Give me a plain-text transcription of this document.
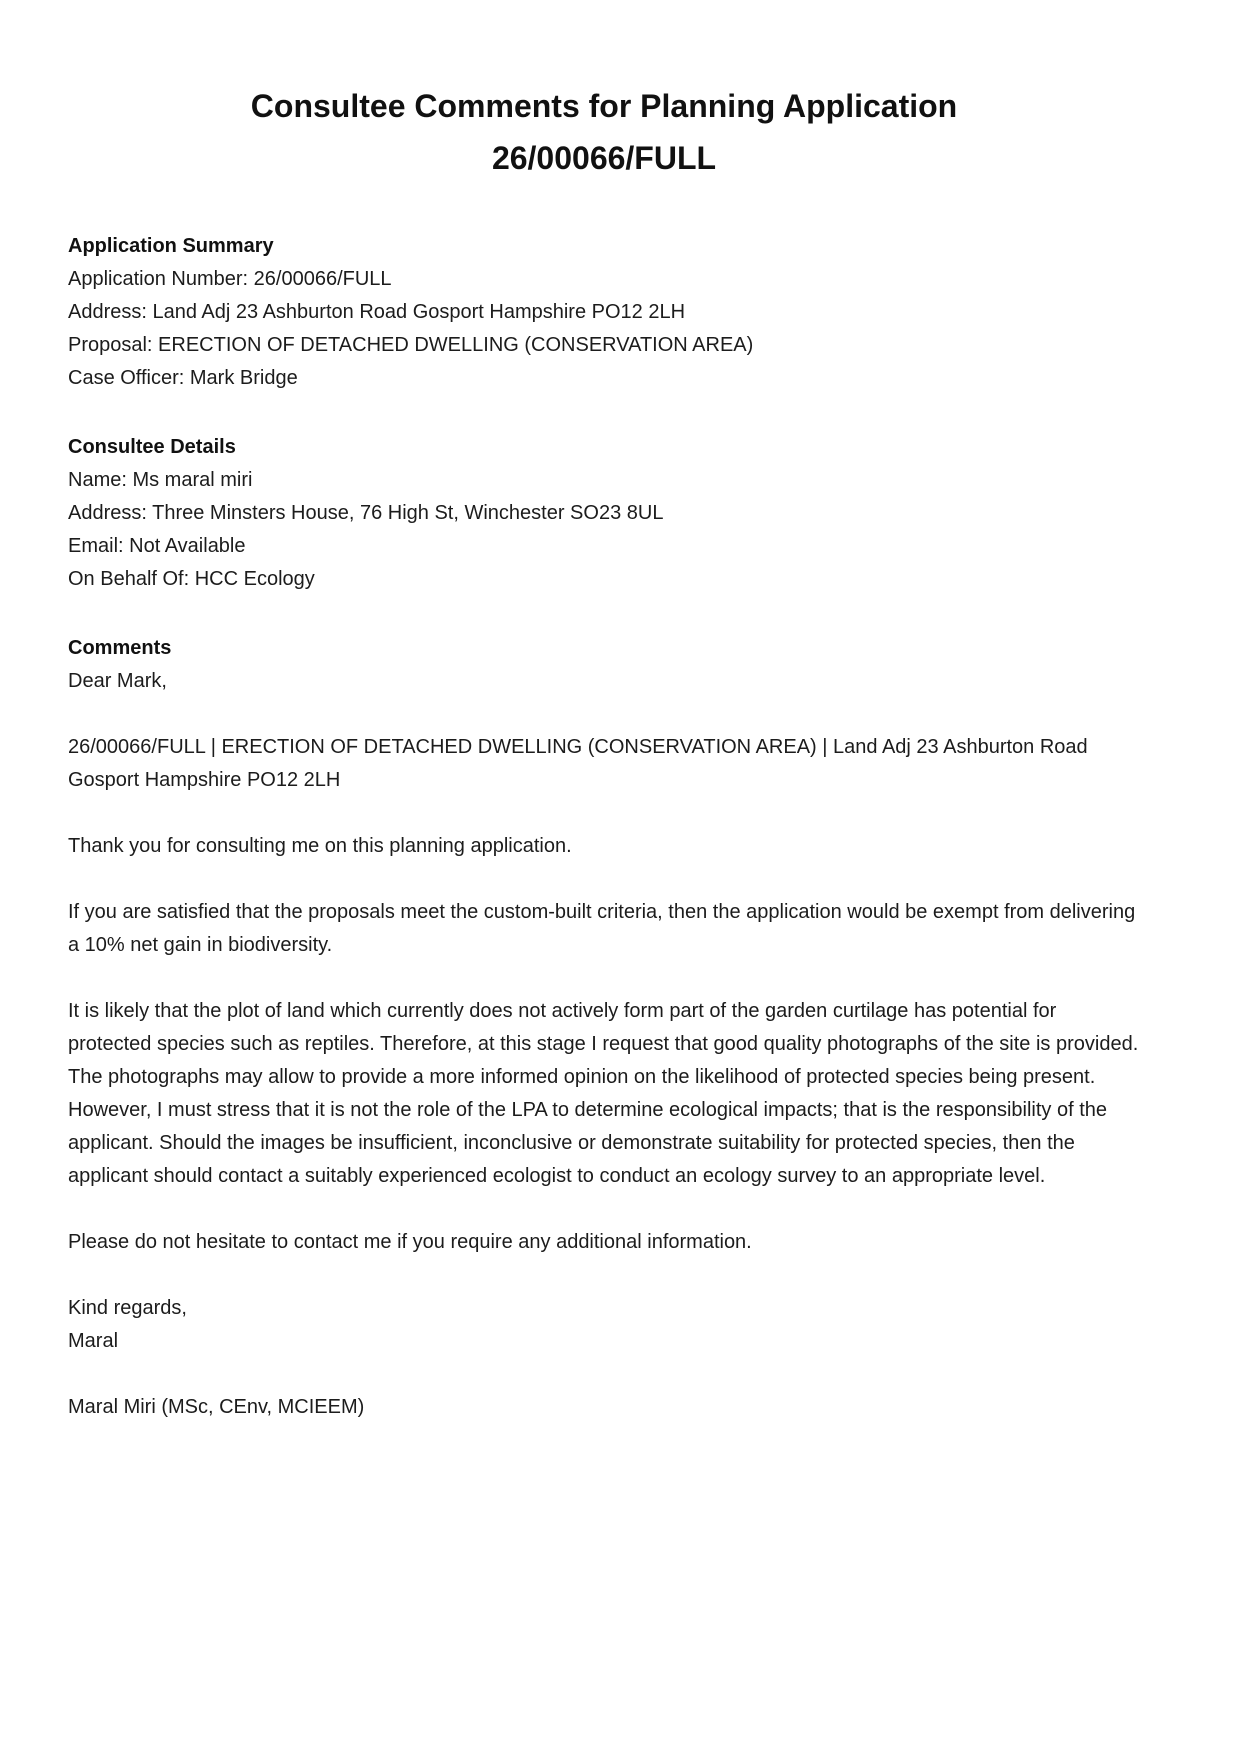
Consultee Comments for Planning Application
26/00066/FULL
Application Summary
Application Number: 26/00066/FULL
Address: Land Adj 23 Ashburton Road Gosport Hampshire PO12 2LH
Proposal: ERECTION OF DETACHED DWELLING (CONSERVATION AREA)
Case Officer: Mark Bridge
Consultee Details
Name: Ms maral miri
Address: Three Minsters House, 76 High St, Winchester SO23 8UL
Email: Not Available
On Behalf Of: HCC Ecology
Comments
Dear Mark,
26/00066/FULL | ERECTION OF DETACHED DWELLING (CONSERVATION AREA) | Land Adj 23 Ashburton Road Gosport Hampshire PO12 2LH
Thank you for consulting me on this planning application.
If you are satisfied that the proposals meet the custom-built criteria, then the application would be exempt from delivering a 10% net gain in biodiversity.
It is likely that the plot of land which currently does not actively form part of the garden curtilage has potential for protected species such as reptiles. Therefore, at this stage I request that good quality photographs of the site is provided. The photographs may allow to provide a more informed opinion on the likelihood of protected species being present. However, I must stress that it is not the role of the LPA to determine ecological impacts; that is the responsibility of the applicant. Should the images be insufficient, inconclusive or demonstrate suitability for protected species, then the applicant should contact a suitably experienced ecologist to conduct an ecology survey to an appropriate level.
Please do not hesitate to contact me if you require any additional information.
Kind regards,
Maral
Maral Miri (MSc, CEnv, MCIEEM)
